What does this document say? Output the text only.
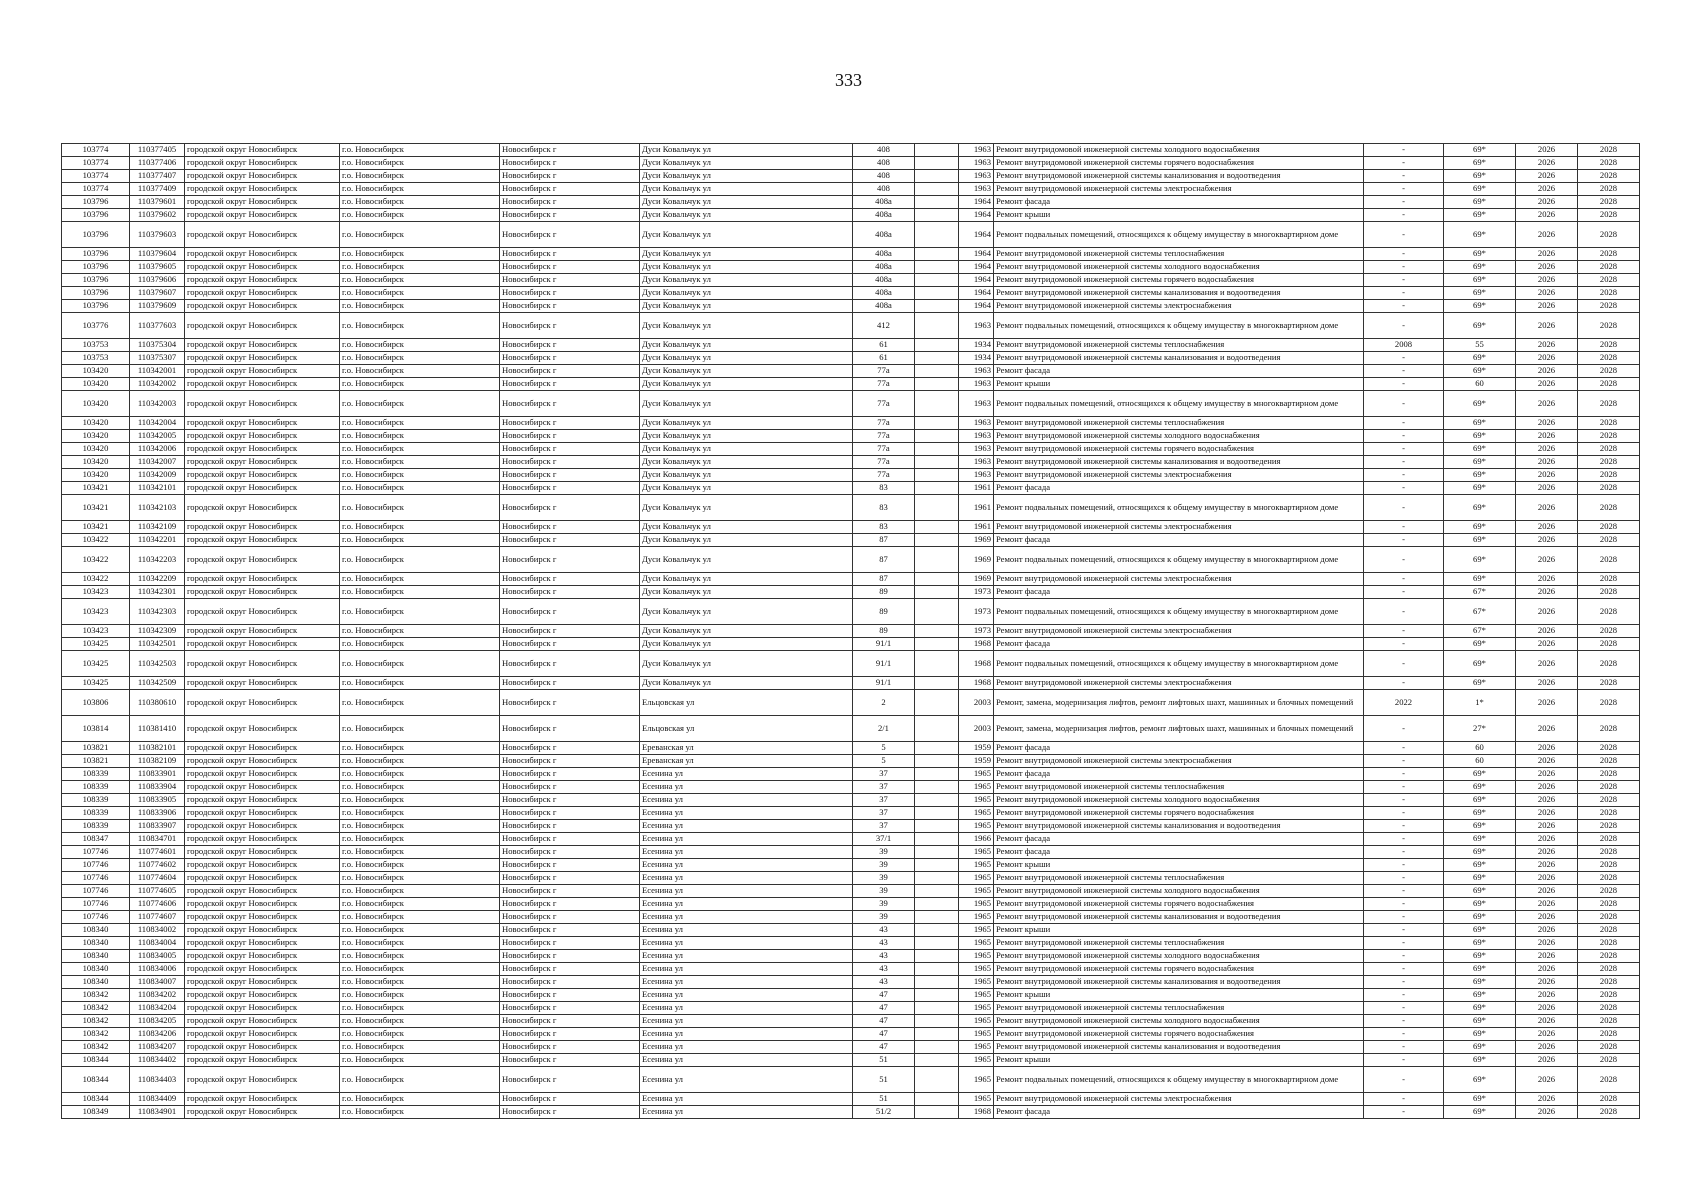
333
103774	110377405	городской округ Новосибирск	г.о. Новосибирск	Новосибирск г	Дуси Ковальчук ул	408		1963	Ремонт внутридомовой инженерной системы холодного водоснабжения	-	69*	2026	2028
103774	110377406	городской округ Новосибирск	г.о. Новосибирск	Новосибирск г	Дуси Ковальчук ул	408		1963	Ремонт внутридомовой инженерной системы горячего водоснабжения	-	69*	2026	2028
103774	110377407	городской округ Новосибирск	г.о. Новосибирск	Новосибирск г	Дуси Ковальчук ул	408		1963	Ремонт внутридомовой инженерной системы канализования и водоотведения	-	69*	2026	2028
103774	110377409	городской округ Новосибирск	г.о. Новосибирск	Новосибирск г	Дуси Ковальчук ул	408		1963	Ремонт внутридомовой инженерной системы электроснабжения	-	69*	2026	2028
103796	110379601	городской округ Новосибирск	г.о. Новосибирск	Новосибирск г	Дуси Ковальчук ул	408а		1964	Ремонт фасада	-	69*	2026	2028
103796	110379602	городской округ Новосибирск	г.о. Новосибирск	Новосибирск г	Дуси Ковальчук ул	408а		1964	Ремонт крыши	-	69*	2026	2028
103796	110379603	городской округ Новосибирск	г.о. Новосибирск	Новосибирск г	Дуси Ковальчук ул	408а		1964	Ремонт подвальных помещений, относящихся к общему имуществу в многоквартирном доме	-	69*	2026	2028
103796	110379604	городской округ Новосибирск	г.о. Новосибирск	Новосибирск г	Дуси Ковальчук ул	408а		1964	Ремонт внутридомовой инженерной системы теплоснабжения	-	69*	2026	2028
103796	110379605	городской округ Новосибирск	г.о. Новосибирск	Новосибирск г	Дуси Ковальчук ул	408а		1964	Ремонт внутридомовой инженерной системы холодного водоснабжения	-	69*	2026	2028
103796	110379606	городской округ Новосибирск	г.о. Новосибирск	Новосибирск г	Дуси Ковальчук ул	408а		1964	Ремонт внутридомовой инженерной системы горячего водоснабжения	-	69*	2026	2028
103796	110379607	городской округ Новосибирск	г.о. Новосибирск	Новосибирск г	Дуси Ковальчук ул	408а		1964	Ремонт внутридомовой инженерной системы канализования и водоотведения	-	69*	2026	2028
103796	110379609	городской округ Новосибирск	г.о. Новосибирск	Новосибирск г	Дуси Ковальчук ул	408а		1964	Ремонт внутридомовой инженерной системы электроснабжения	-	69*	2026	2028
103776	110377603	городской округ Новосибирск	г.о. Новосибирск	Новосибирск г	Дуси Ковальчук ул	412		1963	Ремонт подвальных помещений, относящихся к общему имуществу в многоквартирном доме	-	69*	2026	2028
103753	110375304	городской округ Новосибирск	г.о. Новосибирск	Новосибирск г	Дуси Ковальчук ул	61		1934	Ремонт внутридомовой инженерной системы теплоснабжения	2008	55	2026	2028
103753	110375307	городской округ Новосибирск	г.о. Новосибирск	Новосибирск г	Дуси Ковальчук ул	61		1934	Ремонт внутридомовой инженерной системы канализования и водоотведения	-	69*	2026	2028
103420	110342001	городской округ Новосибирск	г.о. Новосибирск	Новосибирск г	Дуси Ковальчук ул	77а		1963	Ремонт фасада	-	69*	2026	2028
103420	110342002	городской округ Новосибирск	г.о. Новосибирск	Новосибирск г	Дуси Ковальчук ул	77а		1963	Ремонт крыши	-	60	2026	2028
103420	110342003	городской округ Новосибирск	г.о. Новосибирск	Новосибирск г	Дуси Ковальчук ул	77а		1963	Ремонт подвальных помещений, относящихся к общему имуществу в многоквартирном доме	-	69*	2026	2028
103420	110342004	городской округ Новосибирск	г.о. Новосибирск	Новосибирск г	Дуси Ковальчук ул	77а		1963	Ремонт внутридомовой инженерной системы теплоснабжения	-	69*	2026	2028
103420	110342005	городской округ Новосибирск	г.о. Новосибирск	Новосибирск г	Дуси Ковальчук ул	77а		1963	Ремонт внутридомовой инженерной системы холодного водоснабжения	-	69*	2026	2028
103420	110342006	городской округ Новосибирск	г.о. Новосибирск	Новосибирск г	Дуси Ковальчук ул	77а		1963	Ремонт внутридомовой инженерной системы горячего водоснабжения	-	69*	2026	2028
103420	110342007	городской округ Новосибирск	г.о. Новосибирск	Новосибирск г	Дуси Ковальчук ул	77а		1963	Ремонт внутридомовой инженерной системы канализования и водоотведения	-	69*	2026	2028
103420	110342009	городской округ Новосибирск	г.о. Новосибирск	Новосибирск г	Дуси Ковальчук ул	77а		1963	Ремонт внутридомовой инженерной системы электроснабжения	-	69*	2026	2028
103421	110342101	городской округ Новосибирск	г.о. Новосибирск	Новосибирск г	Дуси Ковальчук ул	83		1961	Ремонт фасада	-	69*	2026	2028
103421	110342103	городской округ Новосибирск	г.о. Новосибирск	Новосибирск г	Дуси Ковальчук ул	83		1961	Ремонт подвальных помещений, относящихся к общему имуществу в многоквартирном доме	-	69*	2026	2028
103421	110342109	городской округ Новосибирск	г.о. Новосибирск	Новосибирск г	Дуси Ковальчук ул	83		1961	Ремонт внутридомовой инженерной системы электроснабжения	-	69*	2026	2028
103422	110342201	городской округ Новосибирск	г.о. Новосибирск	Новосибирск г	Дуси Ковальчук ул	87		1969	Ремонт фасада	-	69*	2026	2028
103422	110342203	городской округ Новосибирск	г.о. Новосибирск	Новосибирск г	Дуси Ковальчук ул	87		1969	Ремонт подвальных помещений, относящихся к общему имуществу в многоквартирном доме	-	69*	2026	2028
103422	110342209	городской округ Новосибирск	г.о. Новосибирск	Новосибирск г	Дуси Ковальчук ул	87		1969	Ремонт внутридомовой инженерной системы электроснабжения	-	69*	2026	2028
103423	110342301	городской округ Новосибирск	г.о. Новосибирск	Новосибирск г	Дуси Ковальчук ул	89		1973	Ремонт фасада	-	67*	2026	2028
103423	110342303	городской округ Новосибирск	г.о. Новосибирск	Новосибирск г	Дуси Ковальчук ул	89		1973	Ремонт подвальных помещений, относящихся к общему имуществу в многоквартирном доме	-	67*	2026	2028
103423	110342309	городской округ Новосибирск	г.о. Новосибирск	Новосибирск г	Дуси Ковальчук ул	89		1973	Ремонт внутридомовой инженерной системы электроснабжения	-	67*	2026	2028
103425	110342501	городской округ Новосибирск	г.о. Новосибирск	Новосибирск г	Дуси Ковальчук ул	91/1		1968	Ремонт фасада	-	69*	2026	2028
103425	110342503	городской округ Новосибирск	г.о. Новосибирск	Новосибирск г	Дуси Ковальчук ул	91/1		1968	Ремонт подвальных помещений, относящихся к общему имуществу в многоквартирном доме	-	69*	2026	2028
103425	110342509	городской округ Новосибирск	г.о. Новосибирск	Новосибирск г	Дуси Ковальчук ул	91/1		1968	Ремонт внутридомовой инженерной системы электроснабжения	-	69*	2026	2028
103806	110380610	городской округ Новосибирск	г.о. Новосибирск	Новосибирск г	Ельцовская ул	2		2003	Ремонт, замена, модернизация лифтов, ремонт лифтовых шахт, машинных и блочных помещений	2022	1*	2026	2028
103814	110381410	городской округ Новосибирск	г.о. Новосибирск	Новосибирск г	Ельцовская ул	2/1		2003	Ремонт, замена, модернизация лифтов, ремонт лифтовых шахт, машинных и блочных помещений	-	27*	2026	2028
103821	110382101	городской округ Новосибирск	г.о. Новосибирск	Новосибирск г	Ереванская ул	5		1959	Ремонт фасада	-	60	2026	2028
103821	110382109	городской округ Новосибирск	г.о. Новосибирск	Новосибирск г	Ереванская ул	5		1959	Ремонт внутридомовой инженерной системы электроснабжения	-	60	2026	2028
108339	110833901	городской округ Новосибирск	г.о. Новосибирск	Новосибирск г	Есенина ул	37		1965	Ремонт фасада	-	69*	2026	2028
108339	110833904	городской округ Новосибирск	г.о. Новосибирск	Новосибирск г	Есенина ул	37		1965	Ремонт внутридомовой инженерной системы теплоснабжения	-	69*	2026	2028
108339	110833905	городской округ Новосибирск	г.о. Новосибирск	Новосибирск г	Есенина ул	37		1965	Ремонт внутридомовой инженерной системы холодного водоснабжения	-	69*	2026	2028
108339	110833906	городской округ Новосибирск	г.о. Новосибирск	Новосибирск г	Есенина ул	37		1965	Ремонт внутридомовой инженерной системы горячего водоснабжения	-	69*	2026	2028
108339	110833907	городской округ Новосибирск	г.о. Новосибирск	Новосибирск г	Есенина ул	37		1965	Ремонт внутридомовой инженерной системы канализования и водоотведения	-	69*	2026	2028
108347	110834701	городской округ Новосибирск	г.о. Новосибирск	Новосибирск г	Есенина ул	37/1		1966	Ремонт фасада	-	69*	2026	2028
107746	110774601	городской округ Новосибирск	г.о. Новосибирск	Новосибирск г	Есенина ул	39		1965	Ремонт фасада	-	69*	2026	2028
107746	110774602	городской округ Новосибирск	г.о. Новосибирск	Новосибирск г	Есенина ул	39		1965	Ремонт крыши	-	69*	2026	2028
107746	110774604	городской округ Новосибирск	г.о. Новосибирск	Новосибирск г	Есенина ул	39		1965	Ремонт внутридомовой инженерной системы теплоснабжения	-	69*	2026	2028
107746	110774605	городской округ Новосибирск	г.о. Новосибирск	Новосибирск г	Есенина ул	39		1965	Ремонт внутридомовой инженерной системы холодного водоснабжения	-	69*	2026	2028
107746	110774606	городской округ Новосибирск	г.о. Новосибирск	Новосибирск г	Есенина ул	39		1965	Ремонт внутридомовой инженерной системы горячего водоснабжения	-	69*	2026	2028
107746	110774607	городской округ Новосибирск	г.о. Новосибирск	Новосибирск г	Есенина ул	39		1965	Ремонт внутридомовой инженерной системы канализования и водоотведения	-	69*	2026	2028
108340	110834002	городской округ Новосибирск	г.о. Новосибирск	Новосибирск г	Есенина ул	43		1965	Ремонт крыши	-	69*	2026	2028
108340	110834004	городской округ Новосибирск	г.о. Новосибирск	Новосибирск г	Есенина ул	43		1965	Ремонт внутридомовой инженерной системы теплоснабжения	-	69*	2026	2028
108340	110834005	городской округ Новосибирск	г.о. Новосибирск	Новосибирск г	Есенина ул	43		1965	Ремонт внутридомовой инженерной системы холодного водоснабжения	-	69*	2026	2028
108340	110834006	городской округ Новосибирск	г.о. Новосибирск	Новосибирск г	Есенина ул	43		1965	Ремонт внутридомовой инженерной системы горячего водоснабжения	-	69*	2026	2028
108340	110834007	городской округ Новосибирск	г.о. Новосибирск	Новосибирск г	Есенина ул	43		1965	Ремонт внутридомовой инженерной системы канализования и водоотведения	-	69*	2026	2028
108342	110834202	городской округ Новосибирск	г.о. Новосибирск	Новосибирск г	Есенина ул	47		1965	Ремонт крыши	-	69*	2026	2028
108342	110834204	городской округ Новосибирск	г.о. Новосибирск	Новосибирск г	Есенина ул	47		1965	Ремонт внутридомовой инженерной системы теплоснабжения	-	69*	2026	2028
108342	110834205	городской округ Новосибирск	г.о. Новосибирск	Новосибирск г	Есенина ул	47		1965	Ремонт внутридомовой инженерной системы холодного водоснабжения	-	69*	2026	2028
108342	110834206	городской округ Новосибирск	г.о. Новосибирск	Новосибирск г	Есенина ул	47		1965	Ремонт внутридомовой инженерной системы горячего водоснабжения	-	69*	2026	2028
108342	110834207	городской округ Новосибирск	г.о. Новосибирск	Новосибирск г	Есенина ул	47		1965	Ремонт внутридомовой инженерной системы канализования и водоотведения	-	69*	2026	2028
108344	110834402	городской округ Новосибирск	г.о. Новосибирск	Новосибирск г	Есенина ул	51		1965	Ремонт крыши	-	69*	2026	2028
108344	110834403	городской округ Новосибирск	г.о. Новосибирск	Новосибирск г	Есенина ул	51		1965	Ремонт подвальных помещений, относящихся к общему имуществу в многоквартирном доме	-	69*	2026	2028
108344	110834409	городской округ Новосибирск	г.о. Новосибирск	Новосибирск г	Есенина ул	51		1965	Ремонт внутридомовой инженерной системы электроснабжения	-	69*	2026	2028
108349	110834901	городской округ Новосибирск	г.о. Новосибирск	Новосибирск г	Есенина ул	51/2		1968	Ремонт фасада	-	69*	2026	2028
